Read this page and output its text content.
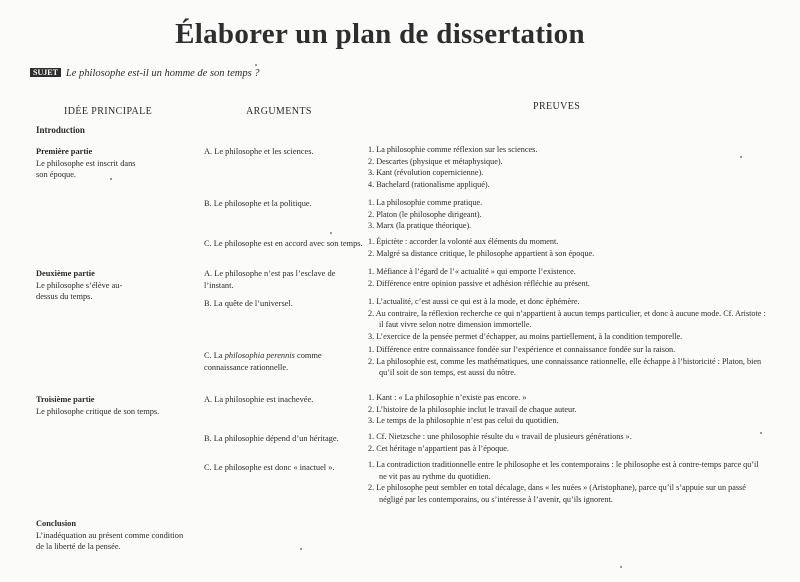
Élaborer un plan de dissertation
SUJET Le philosophe est-il un homme de son temps ?
IDÉE PRINCIPALE	ARGUMENTS	PREUVES
Introduction
Première partie
Le philosophe est inscrit dans son époque.
Deuxième partie
Le philosophe s’élève au-dessus du temps.
Troisième partie
Le philosophe critique de son temps.
Conclusion
L’inadéquation au présent comme condition de la liberté de la pensée.
A. Le philosophe et les sciences.
B. Le philosophe et la politique.
C. Le philosophe est en accord avec son temps.
A. Le philosophe n’est pas l’esclave de l’instant.
B. La quête de l’universel.
C. La philosophia perennis comme connaissance rationnelle.
A. La philosophie est inachevée.
B. La philosophie dépend d’un héritage.
C. Le philosophe est donc « inactuel ».
1. La philosophie comme réflexion sur les sciences.
2. Descartes (physique et métaphysique).
3. Kant (révolution copernicienne).
4. Bachelard (rationalisme appliqué).
1. La philosophie comme pratique.
2. Platon (le philosophe dirigeant).
3. Marx (la pratique théorique).
1. Épictète : accorder la volonté aux éléments du moment.
2. Malgré sa distance critique, le philosophe appartient à son époque.
1. Méfiance à l’égard de l’« actualité » qui emporte l’existence.
2. Différence entre opinion passive et adhésion réfléchie au présent.
1. L’actualité, c’est aussi ce qui est à la mode, et donc éphémère.
2. Au contraire, la réflexion recherche ce qui n’appartient à aucun temps particulier, et donc à aucune mode. Cf. Aristote : il faut vivre selon notre dimension immortelle.
3. L’exercice de la pensée permet d’échapper, au moins partiellement, à la condition temporelle.
1. Différence entre connaissance fondée sur l’expérience et connaissance fondée sur la raison.
2. La philosophie est, comme les mathématiques, une connaissance rationnelle, elle échappe à l’historicité : Platon, bien qu’il soit de son temps, est aussi du nôtre.
1. Kant : « La philosophie n’existe pas encore. »
2. L’histoire de la philosophie inclut le travail de chaque auteur.
3. Le temps de la philosophie n’est pas celui du quotidien.
1. Cf. Nietzsche : une philosophie résulte du « travail de plusieurs générations ».
2. Cet héritage n’appartient pas à l’époque.
1. La contradiction traditionnelle entre le philosophe et les contemporains : le philosophe est à contre-temps parce qu’il ne vit pas au rythme du quotidien.
2. Le philosophe peut sembler en total décalage, dans « les nuées » (Aristophane), parce qu’il s’appuie sur un passé négligé par les contemporains, ou s’intéresse à l’avenir, qu’ils ignorent.
